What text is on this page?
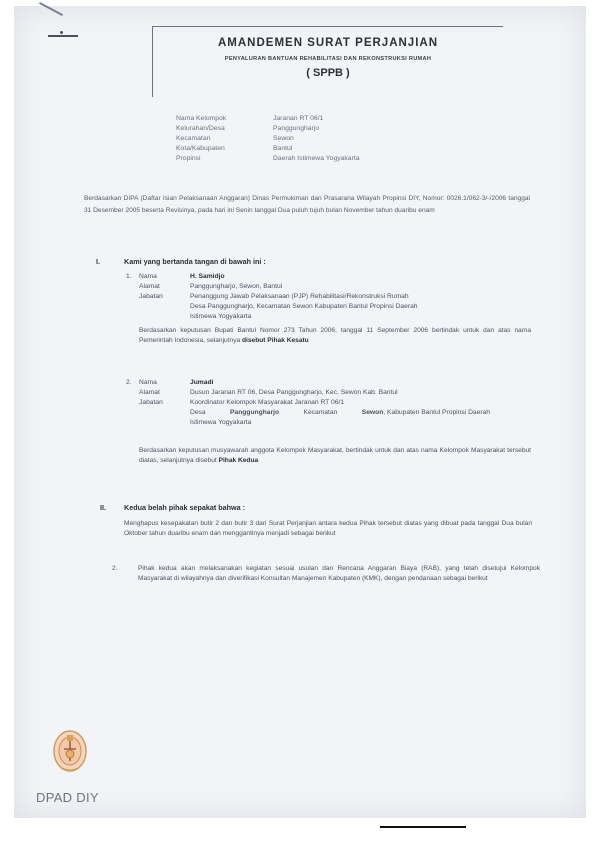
AMANDEMEN SURAT PERJANJIAN
PENYALURAN BANTUAN REHABILITASI DAN REKONSTRUKSI RUMAH
( SPPB )
Nama Kelompok	Jaranan RT 06/1
Kelurahan/Desa	Panggungharjo
Kecamatan	Sewon
Kota/Kabupaten	Bantul
Propinsi	Daerah Istimewa Yogyakarta
Berdasarkan DIPA (Daftar Isian Pelaksanaan Anggaran) Dinas Permukiman dan Prasarana Wilayah Propinsi DIY, Nomor: 0026.1/062-3/-/2006 tanggal 31 Desember 2005 beserta Revisinya, pada hari ini Senin tanggal Dua puluh tujuh bulan November tahun duaribu enam
I.	Kami yang bertanda tangan di bawah ini :
1.	Nama	H. Samidjo
Alamat	Panggungharjo, Sewon, Bantul
Jabatan	Penanggung Jawab Pelaksanaan (PJP) Rehabilitasi/Rekonstruksi Rumah
Desa Panggungharjo, Kecamatan Sewon Kabupaten Bantul Propinsi Daerah
Istimewa Yogyakarta
Berdasarkan keputusan Bupati Bantul Nomor 273 Tahun 2006, tanggal 11 September 2006 bertindak untuk dan atas nama Pemerintah Indonesia, selanjutnya disebut Pihak Kesatu
2.	Nama	Jumadi
Alamat	Dusun Jaranan RT 06, Desa Panggungharjo, Kec. Sewon Kab. Bantul
Jabatan	Koordinator Kelompok Masyarakat Jaranan RT 06/1
Desa	Panggungharjo	Kecamatan	Sewon, Kabupaten Bantul Propinsi Daerah
Istimewa Yogyakarta
Berdasarkan keputusan musyawarah anggota Kelompok Masyarakat, bertindak untuk dan atas nama Kelompok Masyarakat tersebut diatas, selanjutnya disebut Pihak Kedua
II.	Kedua belah pihak sepakat bahwa :
Menghapus kesepakatan butir 2 dan butir 3 dari Surat Perjanjian antara kedua Pihak tersebut diatas yang dibuat pada tanggal Dua bulan Oktober tahun duaribu enam dan menggantinya menjadi sebagai berikut
2.	Pihak kedua akan melaksanakan kegiatan sesuai usulan dan Rencana Anggaran Biaya (RAB), yang telah disetujui Kelompok Masyarakat di wilayahnya dan diverifikasi Konsultan Manajemen Kabupaten (KMK), dengan pendanaan sebagai berikut
DPAD DIY
